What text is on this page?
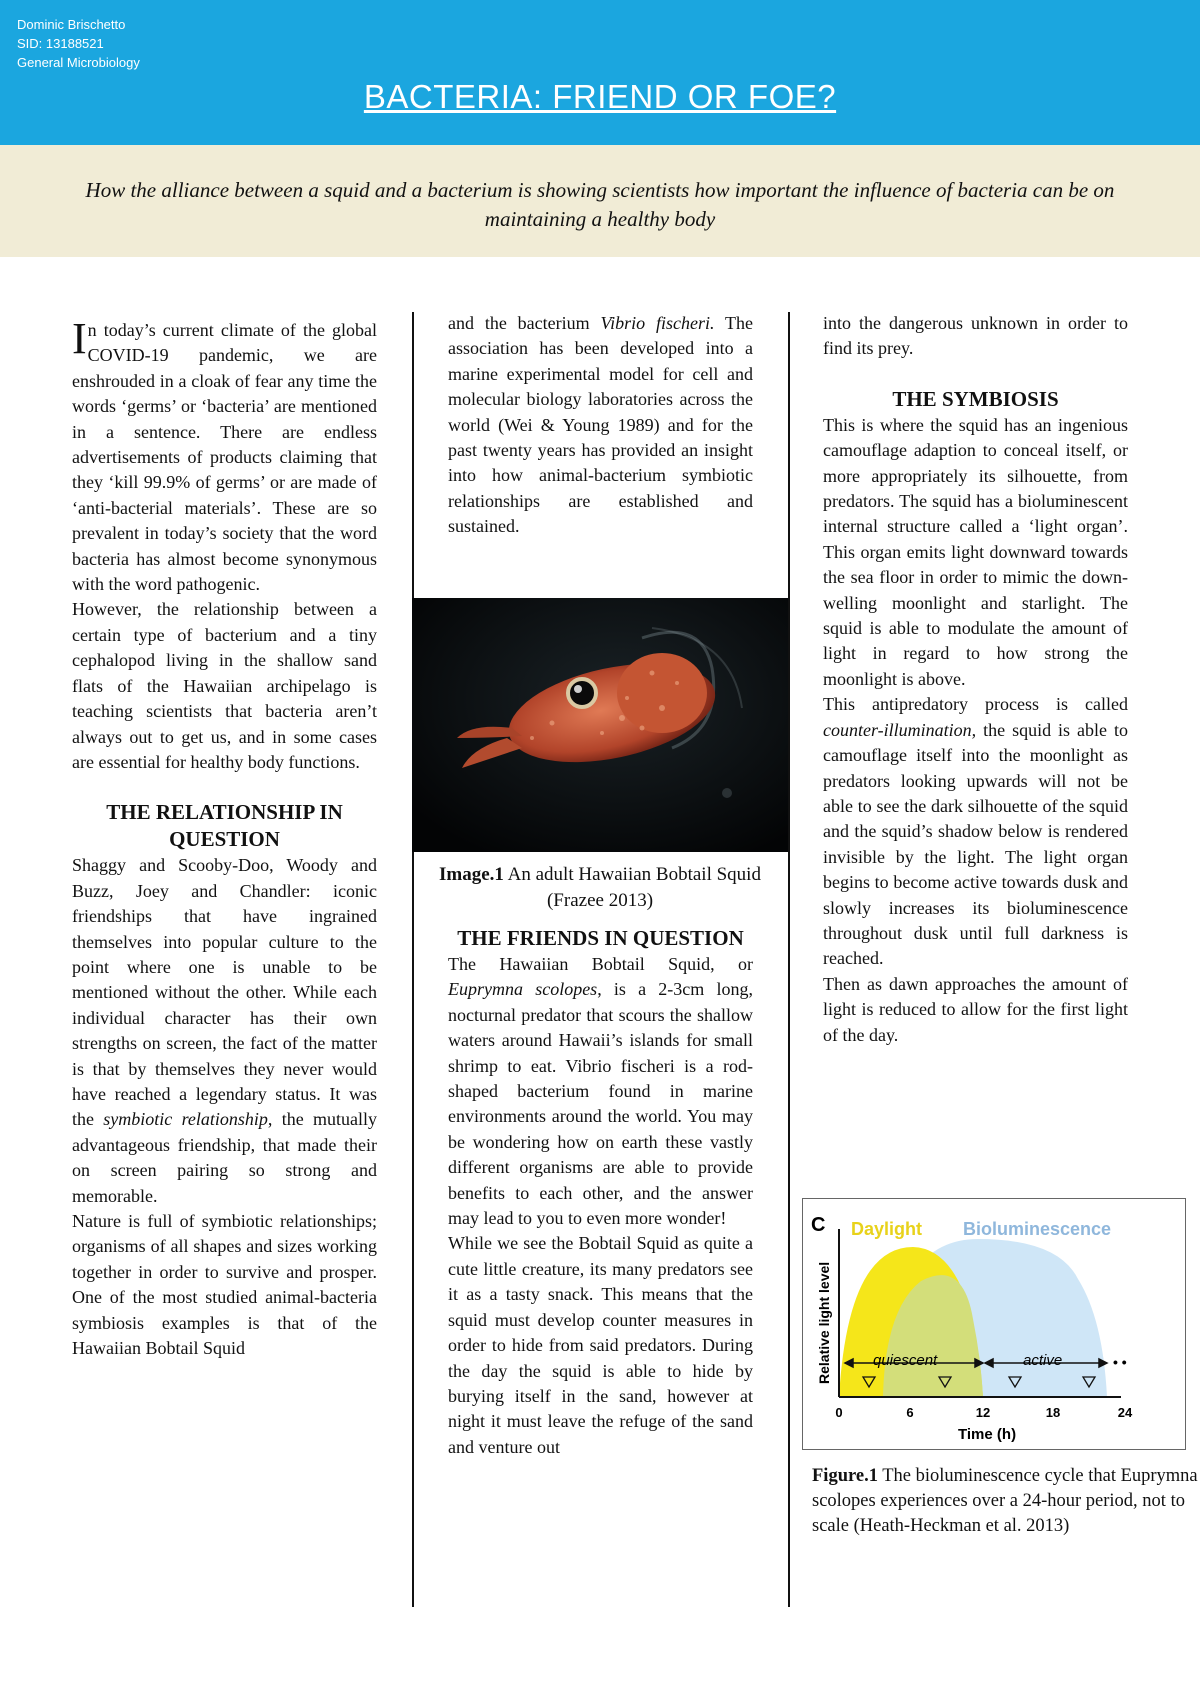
Dominic Brischetto
SID: 13188521
General Microbiology
BACTERIA: FRIEND OR FOE?
How the alliance between a squid and a bacterium is showing scientists how important the influence of bacteria can be on maintaining a healthy body

In today’s current climate of the global COVID-19 pandemic, we are enshrouded in a cloak of fear any time the words ‘germs’ or ‘bacteria’ are mentioned in a sentence. There are endless advertisements of products claiming that they ‘kill 99.9% of germs’ or are made of ‘anti-bacterial materials’. These are so prevalent in today’s society that the word bacteria has almost become synonymous with the word pathogenic.

However, the relationship between a certain type of bacterium and a tiny cephalopod living in the shallow sand flats of the Hawaiian archipelago is teaching scientists that bacteria aren’t always out to get us, and in some cases are essential for healthy body functions.

THE RELATIONSHIP IN QUESTION

Shaggy and Scooby-Doo, Woody and Buzz, Joey and Chandler: iconic friendships that have ingrained themselves into popular culture to the point where one is unable to be mentioned without the other. While each individual character has their own strengths on screen, the fact of the matter is that by themselves they never would have reached a legendary status. It was the symbiotic relationship, the mutually advantageous friendship, that made their on screen pairing so strong and memorable.

Nature is full of symbiotic relationships; organisms of all shapes and sizes working together in order to survive and prosper. One of the most studied animal-bacteria symbiosis examples is that of the Hawaiian Bobtail Squid

and the bacterium Vibrio fischeri. The association has been developed into a marine experimental model for cell and molecular biology laboratories across the world (Wei & Young 1989) and for the past twenty years has provided an insight into how animal-bacterium symbiotic relationships are established and sustained.

Image.1 An adult Hawaiian Bobtail Squid (Frazee 2013)
THE FRIENDS IN QUESTION

The Hawaiian Bobtail Squid, or Euprymna scolopes, is a 2-3cm long, nocturnal predator that scours the shallow waters around Hawaii’s islands for small shrimp to eat. Vibrio fischeri is a rod-shaped bacterium found in marine environments around the world. You may be wondering how on earth these vastly different organisms are able to provide benefits to each other, and the answer may lead to you to even more wonder!

While we see the Bobtail Squid as quite a cute little creature, its many predators see it as a tasty snack. This means that the squid must develop counter measures in order to hide from said predators. During the day the squid is able to hide by burying itself in the sand, however at night it must leave the refuge of the sand and venture out

into the dangerous unknown in order to find its prey.

THE SYMBIOSIS

This is where the squid has an ingenious camouflage adaption to conceal itself, or more appropriately its silhouette, from predators. The squid has a bioluminescent internal structure called a ‘light organ’. This organ emits light downward towards the sea floor in order to mimic the down-welling moonlight and starlight. The squid is able to modulate the amount of light in regard to how strong the moonlight is above.

This antipredatory process is called counter-illumination, the squid is able to camouflage itself into the moonlight as predators looking upwards will not be able to see the dark silhouette of the squid and the squid’s shadow below is rendered invisible by the light. The light organ begins to become active towards dusk and slowly increases its bioluminescence throughout dusk until full darkness is reached.

Then as dawn approaches the amount of light is reduced to allow for the first light of the day.

C Daylight Bioluminescence
Relative light level
Time (h)
0	6	12	18	24
quiescent	active	• •
Figure.1 The bioluminescence cycle that Euprymna scolopes experiences over a 24-hour period, not to scale (Heath-Heckman et al. 2013)
